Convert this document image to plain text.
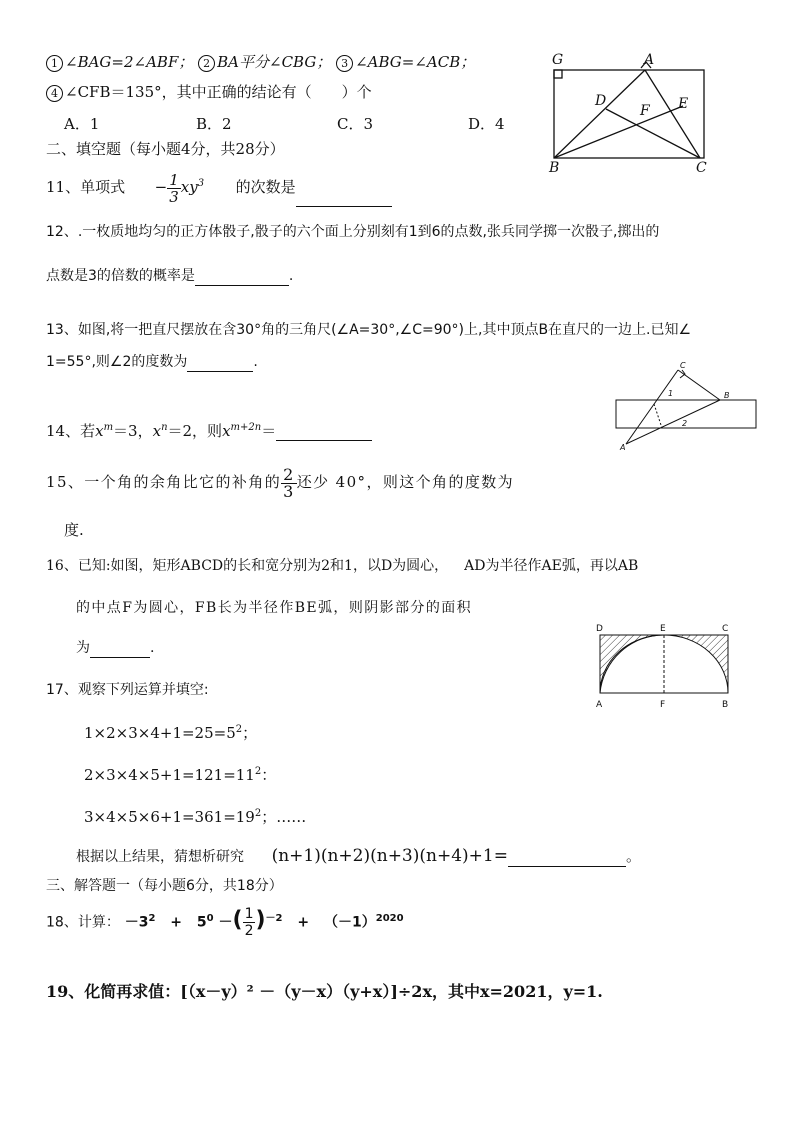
1 ∠BAG=2∠ABF； 2 BA平分∠CBG； 3 ∠ABG=∠ACB；
4 ∠CFB＝135°，其中正确的结论有（　　）个
A．1	B．2	C．3	D．4
G	A
D	E
F
B	C
二、填空题（每小题4分，共28分）
11、单项式 − $\frac{1}{3} xy^3$ 的次数是
12、.一枚质地均匀的正方体骰子,骰子的六个面上分别刻有1到6的点数,张兵同学掷一次骰子,掷出的
点数是3的倍数的概率是	.
13、如图,将一把直尺摆放在含30°角的三角尺(∠A=30°,∠C=90°)上,其中顶点B在直尺的一边上.已知∠
1=55°,则∠2的度数为	.	C
B
A
1
2
14、若$x^m=3$，$x^n=2$，则$x^{m+2n}=$
15、一个角的余角比它的补角的 $\frac{2}{3}$ 还少 40°，则这个角的度数为
度.
16、已知:如图，矩形ABCD的长和宽分别为2和1，以D为圆心， AD为半径作AE弧，再以AB
的中点F为圆心，FB长为半径作BE弧，则阴影部分的面积
为	.
D	E	C
A	F	B
17、观察下列运算并填空:
$1\times 2\times 3\times 4+1=25=5^2$；
$2\times 3\times 4\times 5+1=121=11^2$：
$3\times 4\times 5\times 6+1=361=19^2$；……
根据以上结果，猜想析研究 (n+1)(n+2)(n+3)(n+4)+1=	。
三、解答题一（每小题6分，共18分）
18、计算： $-3^2 + 5^0$ －( $\frac{1}{2} )^{-2} + (-1)^{2020}$
19、化简再求值：[（x－y）² －（y－x）（y+x）]÷2x，其中x=2021，y=1.
